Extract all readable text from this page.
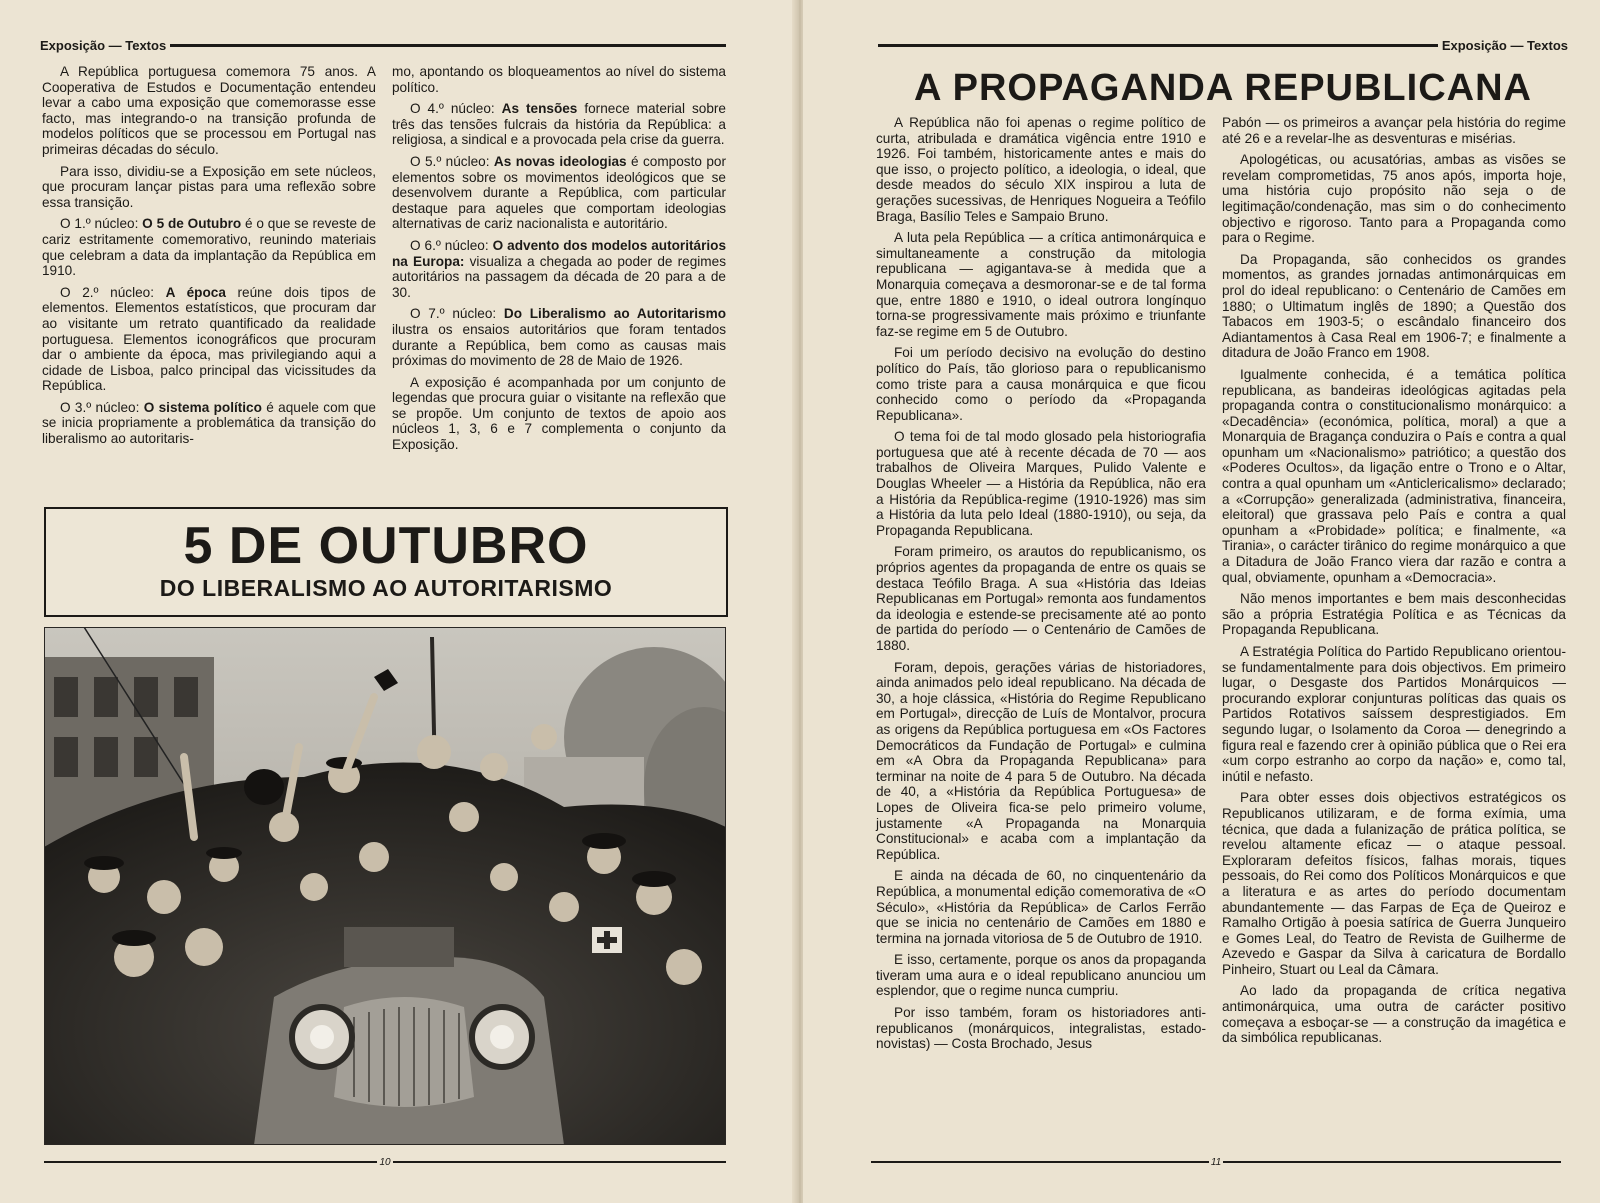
Exposição — Textos

A República portuguesa comemora 75 anos. A Cooperativa de Estudos e Documentação entendeu levar a cabo uma exposição que comemorasse esse facto, mas integrando-o na transição profunda de modelos políticos que se processou em Portugal nas primeiras décadas do século.

Para isso, dividiu-se a Exposição em sete núcleos, que procuram lançar pistas para uma reflexão sobre essa transição.

O 1.º núcleo: O 5 de Outubro é o que se reveste de cariz estritamente comemorativo, reunindo materiais que celebram a data da implantação da República em 1910.

O 2.º núcleo: A época reúne dois tipos de elementos. Elementos estatísticos, que procuram dar ao visitante um retrato quantificado da realidade portuguesa. Elementos iconográficos que procuram dar o ambiente da época, mas privilegiando aqui a cidade de Lisboa, palco principal das vicissitudes da República.

O 3.º núcleo: O sistema político é aquele com que se inicia propriamente a problemática da transição do liberalismo ao autoritaris-

mo, apontando os bloqueamentos ao nível do sistema político.

O 4.º núcleo: As tensões fornece material sobre três das tensões fulcrais da história da República: a religiosa, a sindical e a provocada pela crise da guerra.

O 5.º núcleo: As novas ideologias é composto por elementos sobre os movimentos ideológicos que se desenvolvem durante a República, com particular destaque para aqueles que comportam ideologias alternativas de cariz nacionalista e autoritário.

O 6.º núcleo: O advento dos modelos autoritários na Europa: visualiza a chegada ao poder de regimes autoritários na passagem da década de 20 para a de 30.

O 7.º núcleo: Do Liberalismo ao Autoritarismo ilustra os ensaios autoritários que foram tentados durante a República, bem como as causas mais próximas do movimento de 28 de Maio de 1926.

A exposição é acompanhada por um conjunto de legendas que procura guiar o visitante na reflexão que se propõe. Um conjunto de textos de apoio aos núcleos 1, 3, 6 e 7 complementa o conjunto da Exposição.

5 DE OUTUBRO
DO LIBERALISMO AO AUTORITARISMO
10
Exposição — Textos
A PROPAGANDA REPUBLICANA

A República não foi apenas o regime político de curta, atribulada e dramática vigência entre 1910 e 1926. Foi também, historicamente antes e mais do que isso, o projecto político, a ideologia, o ideal, que desde meados do século XIX inspirou a luta de gerações sucessivas, de Henriques Nogueira a Teófilo Braga, Basílio Teles e Sampaio Bruno.

A luta pela República — a crítica antimonárquica e simultaneamente a construção da mitologia republicana — agigantava-se à medida que a Monarquia começava a desmoronar-se e de tal forma que, entre 1880 e 1910, o ideal outrora longínquo torna-se progressivamente mais próximo e triunfante faz-se regime em 5 de Outubro.

Foi um período decisivo na evolução do destino político do País, tão glorioso para o republicanismo como triste para a causa monárquica e que ficou conhecido como o período da «Propaganda Republicana».

O tema foi de tal modo glosado pela historiografia portuguesa que até à recente década de 70 — aos trabalhos de Oliveira Marques, Pulido Valente e Douglas Wheeler — a História da República, não era a História da República-regime (1910-1926) mas sim a História da luta pelo Ideal (1880-1910), ou seja, da Propaganda Republicana.

Foram primeiro, os arautos do republicanismo, os próprios agentes da propaganda de entre os quais se destaca Teófilo Braga. A sua «História das Ideias Republicanas em Portugal» remonta aos fundamentos da ideologia e estende-se precisamente até ao ponto de partida do período — o Centenário de Camões de 1880.

Foram, depois, gerações várias de historiadores, ainda animados pelo ideal republicano. Na década de 30, a hoje clássica, «História do Regime Republicano em Portugal», direcção de Luís de Montalvor, procura as origens da República portuguesa em «Os Factores Democráticos da Fundação de Portugal» e culmina em «A Obra da Propaganda Republicana» para terminar na noite de 4 para 5 de Outubro. Na década de 40, a «História da República Portuguesa» de Lopes de Oliveira fica-se pelo primeiro volume, justamente «A Propaganda na Monarquia Constitucional» e acaba com a implantação da República.

E ainda na década de 60, no cinquentenário da República, a monumental edição comemorativa de «O Século», «História da República» de Carlos Ferrão que se inicia no centenário de Camões em 1880 e termina na jornada vitoriosa de 5 de Outubro de 1910.

E isso, certamente, porque os anos da propaganda tiveram uma aura e o ideal republicano anunciou um esplendor, que o regime nunca cumpriu.

Por isso também, foram os historiadores anti-republicanos (monárquicos, integralistas, estado-novistas) — Costa Brochado, Jesus

Pabón — os primeiros a avançar pela história do regime até 26 e a revelar-lhe as desventuras e misérias.

Apologéticas, ou acusatórias, ambas as visões se revelam comprometidas, 75 anos após, importa hoje, uma história cujo propósito não seja o de legitimação/condenação, mas sim o do conhecimento objectivo e rigoroso. Tanto para a Propaganda como para o Regime.

Da Propaganda, são conhecidos os grandes momentos, as grandes jornadas antimonárquicas em prol do ideal republicano: o Centenário de Camões em 1880; o Ultimatum inglês de 1890; a Questão dos Tabacos em 1903-5; o escândalo financeiro dos Adiantamentos à Casa Real em 1906-7; e finalmente a ditadura de João Franco em 1908.

Igualmente conhecida, é a temática política republicana, as bandeiras ideológicas agitadas pela propaganda contra o constitucionalismo monárquico: a «Decadência» (económica, política, moral) a que a Monarquia de Bragança conduzira o País e contra a qual opunham um «Nacionalismo» patriótico; a questão dos «Poderes Ocultos», da ligação entre o Trono e o Altar, contra a qual opunham um «Anticlericalismo» declarado; a «Corrupção» generalizada (administrativa, financeira, eleitoral) que grassava pelo País e contra a qual opunham a «Probidade» política; e finalmente, «a Tirania», o carácter tirânico do regime monárquico a que a Ditadura de João Franco viera dar razão e contra a qual, obviamente, opunham a «Democracia».

Não menos importantes e bem mais desconhecidas são a própria Estratégia Política e as Técnicas da Propaganda Republicana.

A Estratégia Política do Partido Republicano orientou-se fundamentalmente para dois objectivos. Em primeiro lugar, o Desgaste dos Partidos Monárquicos — procurando explorar conjunturas políticas das quais os Partidos Rotativos saíssem desprestigiados. Em segundo lugar, o Isolamento da Coroa — denegrindo a figura real e fazendo crer à opinião pública que o Rei era «um corpo estranho ao corpo da nação» e, como tal, inútil e nefasto.

Para obter esses dois objectivos estratégicos os Republicanos utilizaram, e de forma exímia, uma técnica, que dada a fulanização de prática política, se revelou altamente eficaz — o ataque pessoal. Exploraram defeitos físicos, falhas morais, tiques pessoais, do Rei como dos Políticos Monárquicos e que a literatura e as artes do período documentam abundantemente — das Farpas de Eça de Queiroz e Ramalho Ortigão à poesia satírica de Guerra Junqueiro e Gomes Leal, do Teatro de Revista de Guilherme de Azevedo e Gaspar da Silva à caricatura de Bordallo Pinheiro, Stuart ou Leal da Câmara.

Ao lado da propaganda de crítica negativa antimonárquica, uma outra de carácter positivo começava a esboçar-se — a construção da imagética e da simbólica republicanas.

11
